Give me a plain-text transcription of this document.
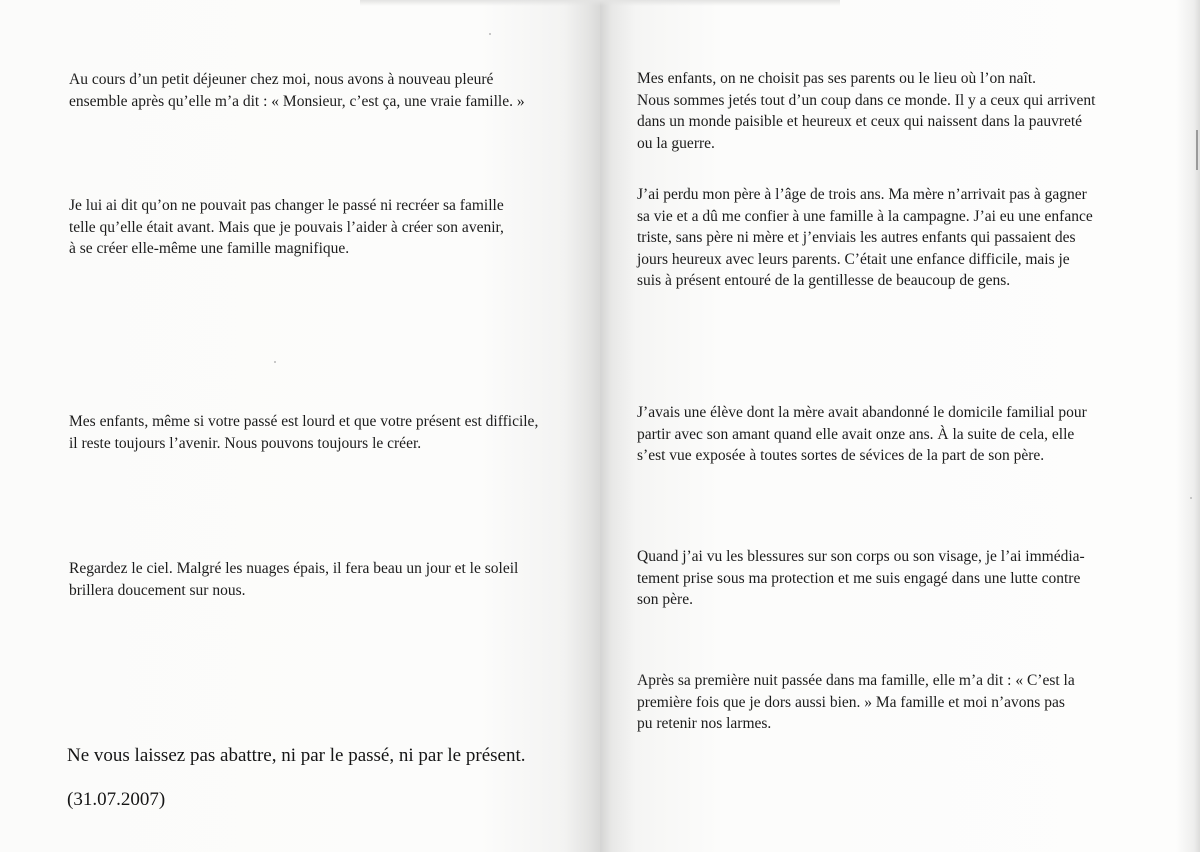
Au cours d’un petit déjeuner chez moi, nous avons à nouveau pleuré
ensemble après qu’elle m’a dit : « Monsieur, c’est ça, une vraie famille. »

Je lui ai dit qu’on ne pouvait pas changer le passé ni recréer sa famille
telle qu’elle était avant. Mais que je pouvais l’aider à créer son avenir,
à se créer elle-même une famille magnifique.

Mes enfants, même si votre passé est lourd et que votre présent est difficile,
il reste toujours l’avenir. Nous pouvons toujours le créer.

Regardez le ciel. Malgré les nuages épais, il fera beau un jour et le soleil
brillera doucement sur nous.

Ne vous laissez pas abattre, ni par le passé, ni par le présent.

(31.07.2007)

Mes enfants, on ne choisit pas ses parents ou le lieu où l’on naît.
Nous sommes jetés tout d’un coup dans ce monde. Il y a ceux qui arrivent
dans un monde paisible et heureux et ceux qui naissent dans la pauvreté
ou la guerre.

J’ai perdu mon père à l’âge de trois ans. Ma mère n’arrivait pas à gagner
sa vie et a dû me confier à une famille à la campagne. J’ai eu une enfance
triste, sans père ni mère et j’enviais les autres enfants qui passaient des
jours heureux avec leurs parents. C’était une enfance difficile, mais je
suis à présent entouré de la gentillesse de beaucoup de gens.

J’avais une élève dont la mère avait abandonné le domicile familial pour
partir avec son amant quand elle avait onze ans. À la suite de cela, elle
s’est vue exposée à toutes sortes de sévices de la part de son père.

Quand j’ai vu les blessures sur son corps ou son visage, je l’ai immédia-
tement prise sous ma protection et me suis engagé dans une lutte contre
son père.

Après sa première nuit passée dans ma famille, elle m’a dit : « C’est la
première fois que je dors aussi bien. » Ma famille et moi n’avons pas
pu retenir nos larmes.
